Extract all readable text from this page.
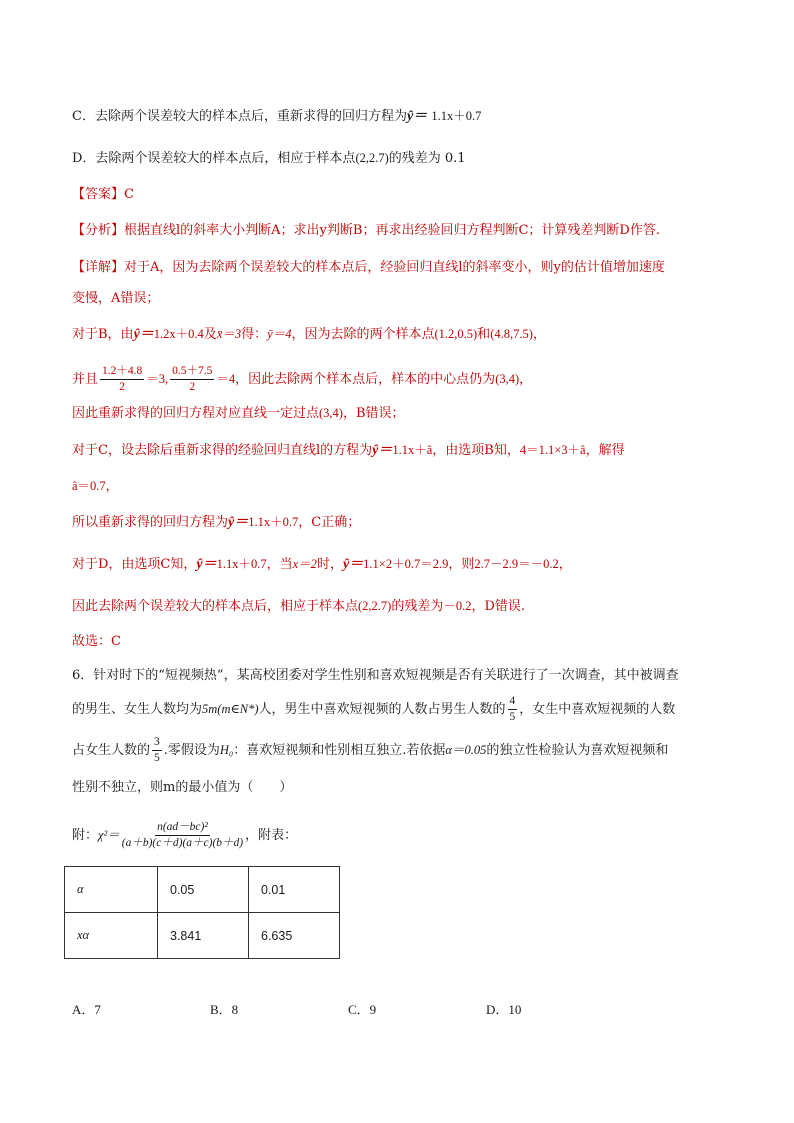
C．去除两个误差较大的样本点后，重新求得的回归方程为ŷ＝ 1.1x＋0.7
D．去除两个误差较大的样本点后，相应于样本点(2,2.7)的残差为 0.1
【答案】C
【分析】根据直线l的斜率大小判断A；求出y判断B；再求出经验回归方程判断C；计算残差判断D作答.
【详解】对于A，因为去除两个误差较大的样本点后，经验回归直线l的斜率变小，则y的估计值增加速度
变慢，A错误；
对于B，由ŷ＝1.2x＋0.4及x̄＝3得：ȳ＝4，因为去除的两个样本点(1.2,0.5)和(4.8,7.5)，
并且 $\frac{1.2+4.8}{2} =3$, $\frac{0.5+7.5}{2} =4$，因此去除两个样本点后，样本的中心点仍为(3,4)，
因此重新求得的回归方程对应直线一定过点(3,4)，B错误；
对于C，设去除后重新求得的经验回归直线l的方程为ŷ＝1.1x＋â，由选项B知，4＝1.1×3＋â，解得
â＝0.7，
所以重新求得的回归方程为ŷ＝1.1x＋0.7，C正确；
对于D，由选项C知，ŷ＝1.1x＋0.7，当x＝2时，ŷ＝1.1×2＋0.7＝2.9，则2.7－2.9＝－0.2，
因此去除两个误差较大的样本点后，相应于样本点(2,2.7)的残差为－0.2，D错误.
故选：C
6．针对时下的“短视频热”，某高校团委对学生性别和喜欢短视频是否有关联进行了一次调查，其中被调查
的男生、女生人数均为5m(m∈N*)人，男生中喜欢短视频的人数占男生人数的 $\frac{4}{5}$ ，女生中喜欢短视频的人数
占女生人数的 $\frac{3}{5}$ .零假设为H₀：喜欢短视频和性别相互独立.若依据α＝0.05的独立性检验认为喜欢短视频和
性别不独立，则m的最小值为（　　）
附：$\chi^2= \frac{\text{n(ad－bc)²}}{(a+b)(c+d)(a+c)(b+d)}$ ，附表：
α	0.05	0.01
xα	3.841	6.635
A．7	B．8	C．9	D．10
